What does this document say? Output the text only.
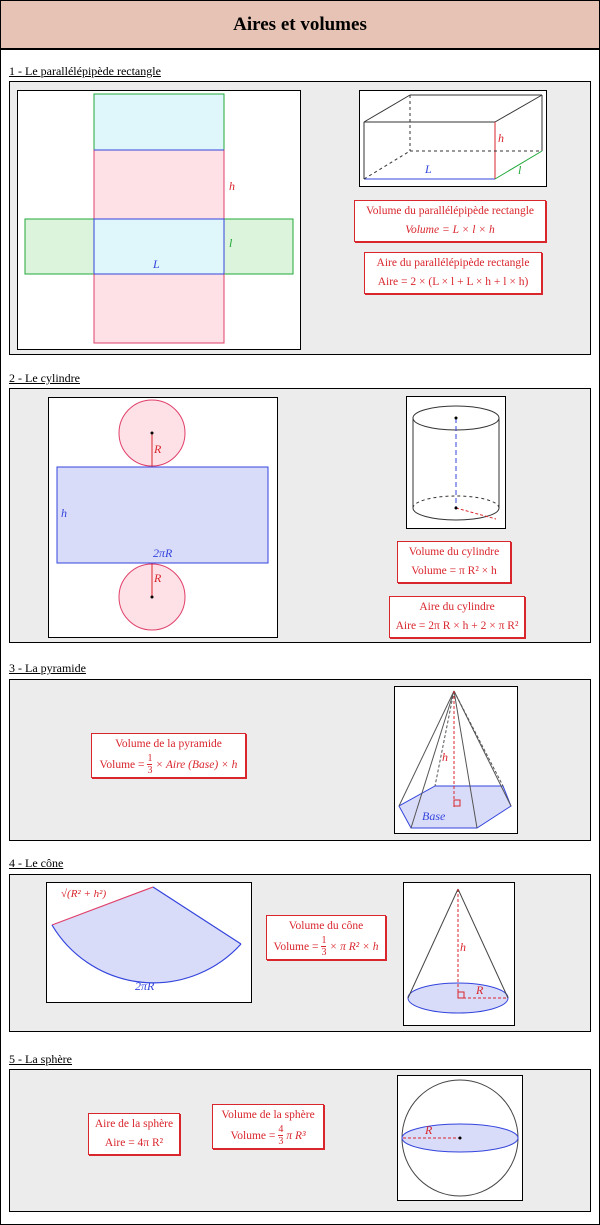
Aires et volumes
1 - Le parallélépipède rectangle
h
l
L
h
L	l
Volume du parallélépipède rectangle
Volume = L × l × h
Aire du parallélépipède rectangle
Aire = 2 × (L × l + L × h + l × h)
2 - Le cylindre
R
h
2πR
R
Volume du cylindre
Volume = π R² × h
Aire du cylindre
Aire = 2π R × h + 2 × π R²
3 - La pyramide
Volume de la pyramide
Volume = $\frac{1}{3}$ × Aire (Base) × h
h
Base
4 - Le cône
√(R² + h²)
2πR
Volume du cône
Volume = $\frac{1}{3} \times \pi$ R² × h	h
R
5 - La sphère
Aire de la sphère
Aire = 4π R²
Volume de la sphère
Volume = $\frac{4}{3}$ π R³	R
